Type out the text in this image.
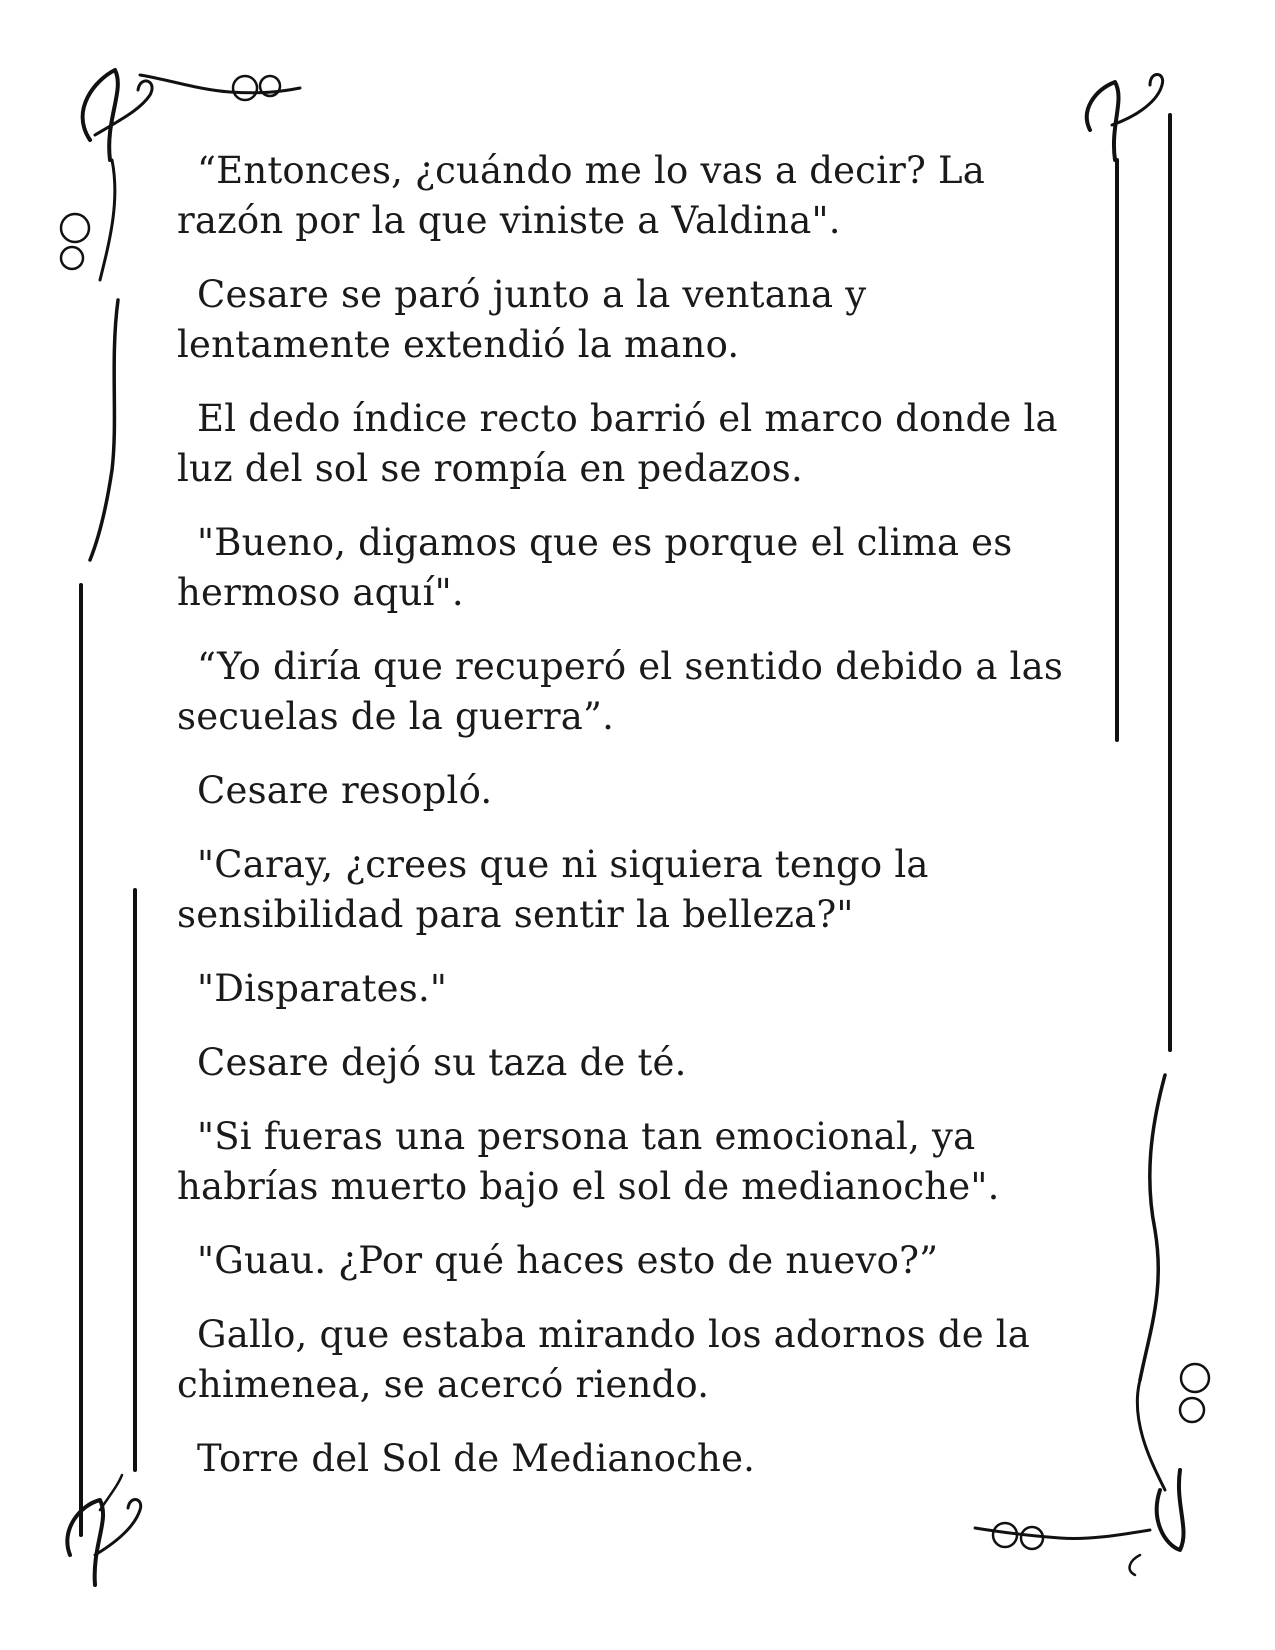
“Entonces, ¿cuándo me lo vas a decir? La razón por la que viniste a Valdina".

Cesare se paró junto a la ventana y lentamente extendió la mano.

El dedo índice recto barrió el marco donde la luz del sol se rompía en pedazos.

"Bueno, digamos que es porque el clima es hermoso aquí".

“Yo diría que recuperó el sentido debido a las secuelas de la guerra”.

Cesare resopló.

"Caray, ¿crees que ni siquiera tengo la sensibilidad para sentir la belleza?"

"Disparates."

Cesare dejó su taza de té.

"Si fueras una persona tan emocional, ya habrías muerto bajo el sol de medianoche".

"Guau. ¿Por qué haces esto de nuevo?”

Gallo, que estaba mirando los adornos de la chimenea, se acercó riendo.

Torre del Sol de Medianoche.
